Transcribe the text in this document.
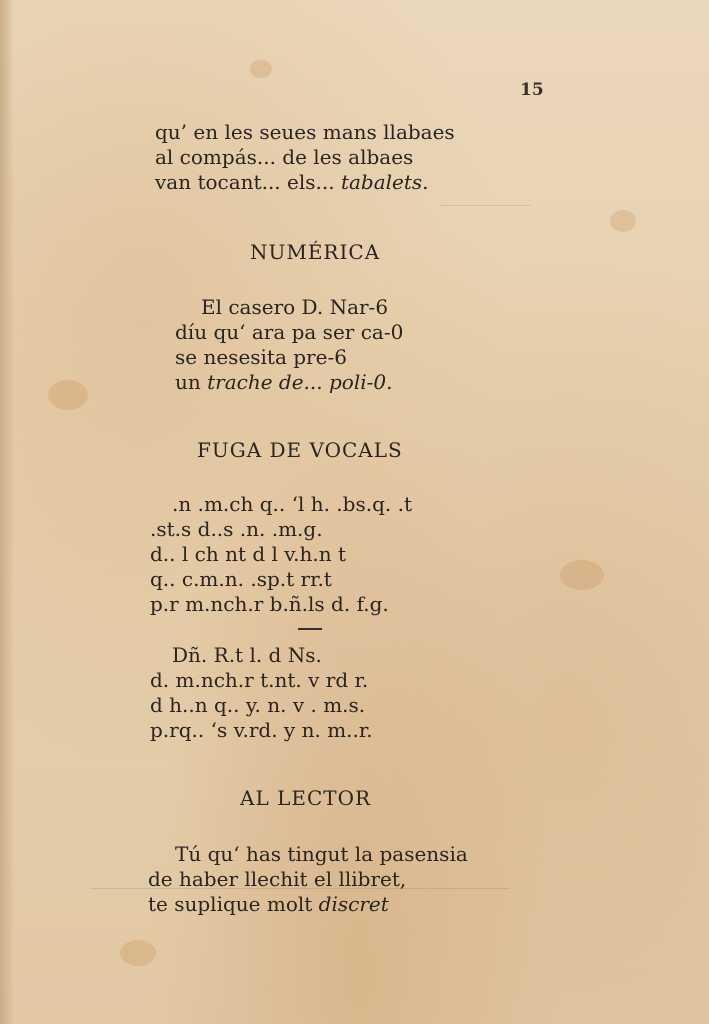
15
qu’ en les seues mans llabaes
al compás... de les albaes
van tocant... els... tabalets.
NUMÉRICA
El casero D. Nar-6
díu qu‘ ara pa ser ca-0
se nesesita pre-6
un trache de... poli-0.
FUGA DE VOCALS
.n .m.ch q.. ‘l h. .bs.q. .t
.st.s d..s .n. .m.g.
d.. l ch nt d l v.h.n t
q.. c.m.n. .sp.t rr.t
p.r m.nch.r b.ñ.ls d. f.g.
Dñ. R.t l. d Ns.
d. m.nch.r t.nt. v rd r.
d h..n q.. y. n. v . m.s.
p.rq.. ‘s v.rd. y n. m..r.
AL LECTOR
Tú qu‘ has tingut la pasensia
de haber llechit el llibret,
te suplique molt discret
